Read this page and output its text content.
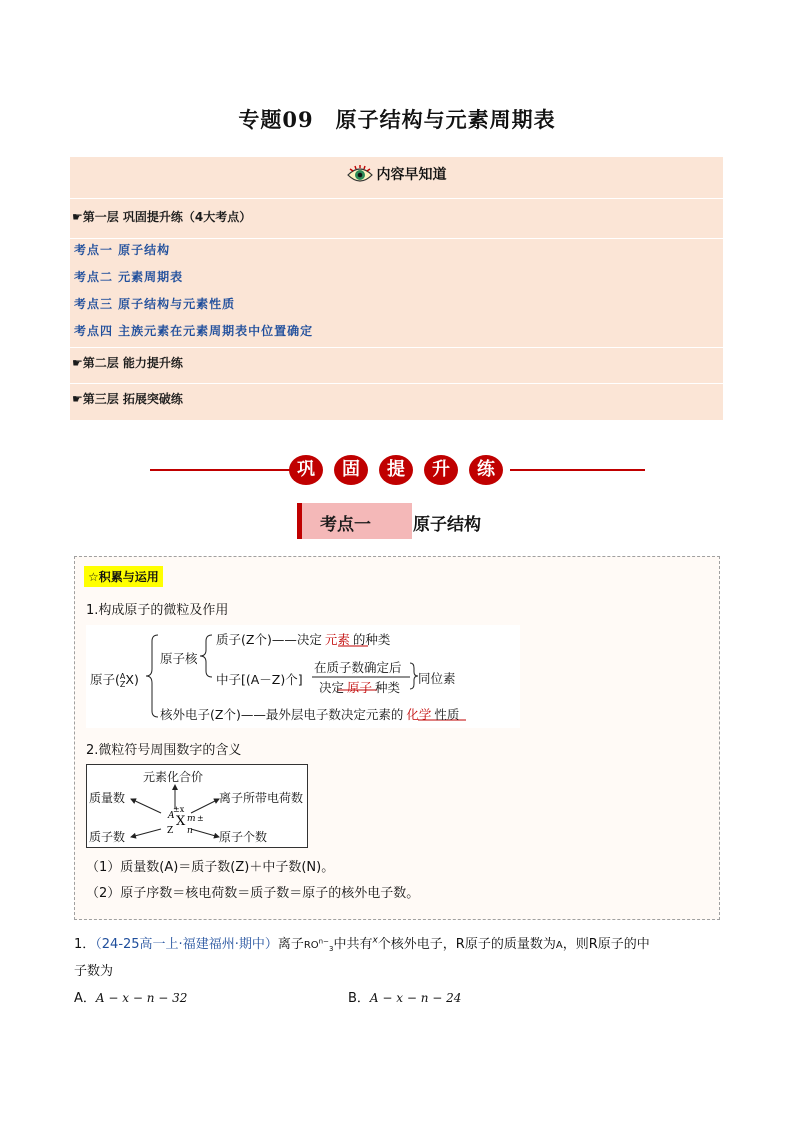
专题09　原子结构与元素周期表
内容早知道
☛第一层 巩固提升练（4大考点）
考点一 原子结构
考点二 元素周期表
考点三 原子结构与元素性质
考点四 主族元素在元素周期表中位置确定
☛第二层 能力提升练
☛第三层 拓展突破练
巩	固	提	升	练
考点一 原子结构
☆积累与运用
1.构成原子的微粒及作用
原子(A
ZX)
原子核
质子(Z个)——决定 元素 的种类
中子[(A－Z)个]
在质子数确定后
决定 原子 种类
同位素
核外电子(Z个)——最外层电子数决定元素的 化学 性质
2.微粒符号周围数字的含义
A
±x
X m ±
Z n
元素化合价
质量数	离子所带电荷数
质子数	原子个数
（1）质量数(A)＝质子数(Z)＋中子数(N)。
（2）原子序数＝核电荷数＝质子数＝原子的核外电子数。
1．（24-25高一上·福建福州·期中）离子$RO^{n-}_3$中共有$^x$个核外电子，R原子的质量数为A，则R原子的中
子数为
A．A − x − n − 32	B．A − x − n − 24
